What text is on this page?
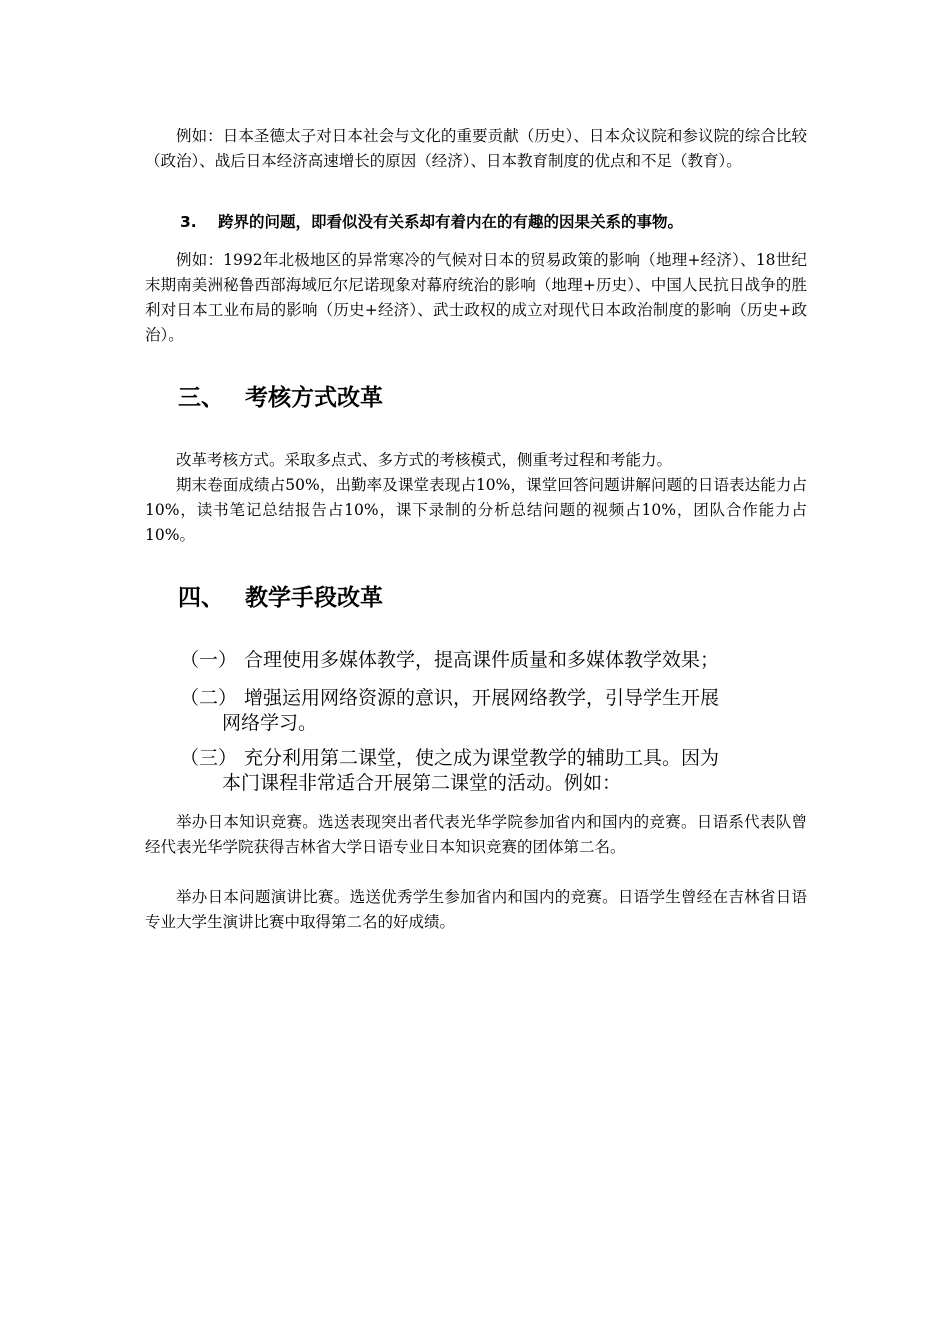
例如：日本圣德太子对日本社会与文化的重要贡献（历史）、日本众议院和参议院的综合比较（政治）、战后日本经济高速增长的原因（经济）、日本教育制度的优点和不足（教育）。

3. 跨界的问题，即看似没有关系却有着内在的有趣的因果关系的事物。

例如：1992年北极地区的异常寒冷的气候对日本的贸易政策的影响（地理+经济）、18世纪末期南美洲秘鲁西部海域厄尔尼诺现象对幕府统治的影响（地理+历史）、中国人民抗日战争的胜利对日本工业布局的影响（历史+经济）、武士政权的成立对现代日本政治制度的影响（历史+政治）。

三、 考核方式改革

改革考核方式。采取多点式、多方式的考核模式，侧重考过程和考能力。

期末卷面成绩占50%，出勤率及课堂表现占10%，课堂回答问题讲解问题的日语表达能力占10%，读书笔记总结报告占10%，课下录制的分析总结问题的视频占10%，团队合作能力占10%。

四、 教学手段改革

（一） 合理使用多媒体教学，提高课件质量和多媒体教学效果；

（二） 增强运用网络资源的意识，开展网络教学，引导学生开展
网络学习。

（三） 充分利用第二课堂，使之成为课堂教学的辅助工具。因为
本门课程非常适合开展第二课堂的活动。例如：

举办日本知识竞赛。选送表现突出者代表光华学院参加省内和国内的竞赛。日语系代表队曾经代表光华学院获得吉林省大学日语专业日本知识竞赛的团体第二名。

举办日本问题演讲比赛。选送优秀学生参加省内和国内的竞赛。日语学生曾经在吉林省日语专业大学生演讲比赛中取得第二名的好成绩。
